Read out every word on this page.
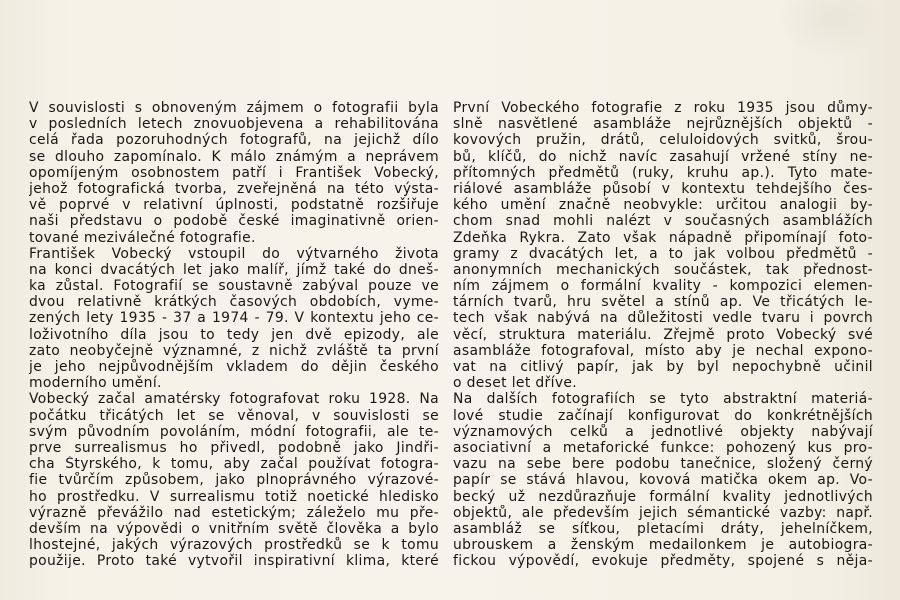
V souvislosti s obnoveným zájmem o fotografii byla
v posledních letech znovuobjevena a rehabilitována
celá řada pozoruhodných fotografů, na jejichž dílo
se dlouho zapomínalo. K málo známým a neprávem
opomíjeným osobnostem patří i František Vobecký,
jehož fotografická tvorba, zveřejněná na této výsta-
vě poprvé v relativní úplnosti, podstatně rozšiřuje
naši představu o podobě české imaginativně orien-
tované meziválečné fotografie.
František Vobecký vstoupil do výtvarného života
na konci dvacátých let jako malíř, jímž také do dneš-
ka zůstal. Fotografií se soustavně zabýval pouze ve
dvou relativně krátkých časových obdobích, vyme-
zených lety 1935 - 37 a 1974 - 79. V kontextu jeho ce-
loživotního díla jsou to tedy jen dvě epizody, ale
zato neobyčejně významné, z nichž zvláště ta první
je jeho nejpůvodnějším vkladem do dějin českého
moderního umění.
Vobecký začal amatérsky fotografovat roku 1928. Na
počátku třicátých let se věnoval, v souvislosti se
svým původním povoláním, módní fotografii, ale te-
prve surrealismus ho přivedl, podobně jako Jindři-
cha Štyrského, k tomu, aby začal používat fotogra-
fie tvůrčím způsobem, jako plnoprávného výrazové-
ho prostředku. V surrealismu totiž noetické hledisko
výrazně převážilo nad estetickým; záleželo mu pře-
devším na výpovědi o vnitřním světě člověka a bylo
lhostejné, jakých výrazových prostředků se k tomu
použije. Proto také vytvořil inspirativní klima, které
První Vobeckého fotografie z roku 1935 jsou důmy-
slně nasvětlené asambláže nejrůznějších objektů -
kovových pružin, drátů, celuloidových svitků, šrou-
bů, klíčů, do nichž navíc zasahují vržené stíny ne-
přítomných předmětů (ruky, kruhu ap.). Tyto mate-
riálové asambláže působí v kontextu tehdejšího čes-
kého umění značně neobvykle: určitou analogii by-
chom snad mohli nalézt v současných asamblážích
Zdeňka Rykra. Zato však nápadně připomínají foto-
gramy z dvacátých let, a to jak volbou předmětů -
anonymních mechanických součástek, tak přednost-
ním zájmem o formální kvality - kompozici elemen-
tárních tvarů, hru světel a stínů ap. Ve třicátých le-
tech však nabývá na důležitosti vedle tvaru i povrch
věcí, struktura materiálu. Zřejmě proto Vobecký své
asambláže fotografoval, místo aby je nechal expono-
vat na citlivý papír, jak by byl nepochybně učinil
o deset let dříve.
Na dalších fotografiích se tyto abstraktní materiá-
lové studie začínají konfigurovat do konkrétnějších
významových celků a jednotlivé objekty nabývají
asociativní a metaforické funkce: pohozený kus pro-
vazu na sebe bere podobu tanečnice, složený černý
papír se stává hlavou, kovová matička okem ap. Vo-
becký už nezdůrazňuje formální kvality jednotlivých
objektů, ale především jejich sémantické vazby: např.
asambláž se síťkou, pletacími dráty, jehelníčkem,
ubrouskem a ženským medailonkem je autobiogra-
fickou výpovědí, evokuje předměty, spojené s něja-
